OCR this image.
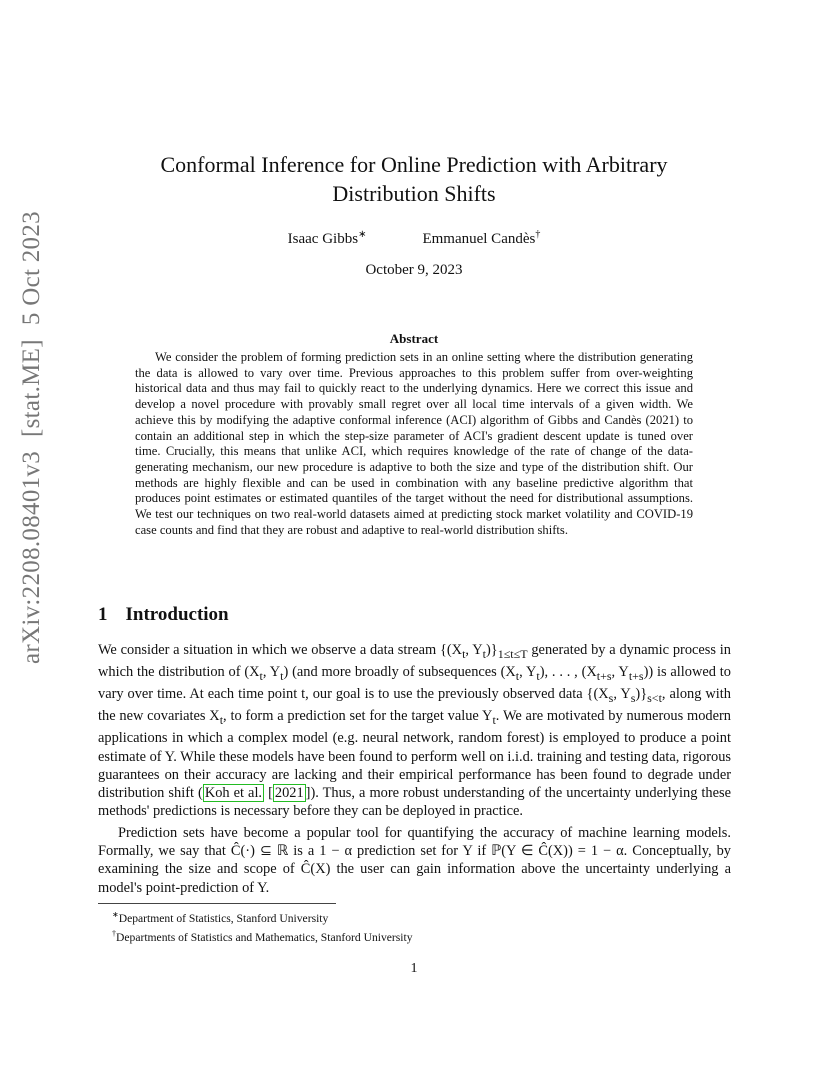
arXiv:2208.08401v3[stat.ME]5 Oct 2023
Conformal Inference for Online Prediction with Arbitrary Distribution Shifts
Isaac Gibbs∗	Emmanuel Candès†
October 9, 2023
Abstract
We consider the problem of forming prediction sets in an online setting where the distribution generating the data is allowed to vary over time. Previous approaches to this problem suffer from over-weighting historical data and thus may fail to quickly react to the underlying dynamics. Here we correct this issue and develop a novel procedure with provably small regret over all local time intervals of a given width. We achieve this by modifying the adaptive conformal inference (ACI) algorithm of Gibbs and Candès (2021) to contain an additional step in which the step-size parameter of ACI's gradient descent update is tuned over time. Crucially, this means that unlike ACI, which requires knowledge of the rate of change of the data-generating mechanism, our new procedure is adaptive to both the size and type of the distribution shift. Our methods are highly flexible and can be used in combination with any baseline predictive algorithm that produces point estimates or estimated quantiles of the target without the need for distributional assumptions. We test our techniques on two real-world datasets aimed at predicting stock market volatility and COVID-19 case counts and find that they are robust and adaptive to real-world distribution shifts.
1 Introduction
We consider a situation in which we observe a data stream {($X_t$, $Y_t)\}_{1\le t\le T}$ generated by a dynamic process in which the distribution of ($X_t$, $Y_t$) (and more broadly of subsequences ($X_t$, $Y_t$), . . . , ($X_{t+s}$, $Y_{t+s}$)) is allowed to vary over time. At each time point t, our goal is to use the previously observed data {($X_s$, $Y_s)\}_{s<t}$, along with the new covariates $X_t$, to form a prediction set for the target value $Y_t$. We are motivated by numerous modern applications in which a complex model (e.g. neural network, random forest) is employed to produce a point estimate of Y. While these models have been found to perform well on i.i.d. training and testing data, rigorous guarantees on their accuracy are lacking and their empirical performance has been found to degrade under distribution shift ( Koh et al. [ 2021 ]). Thus, a more robust understanding of the uncertainty underlying these methods' predictions is necessary before they can be deployed in practice.
Prediction sets have become a popular tool for quantifying the accuracy of machine learning models. Formally, we say that Ĉ(·) ⊆ ℝ is a 1 − α prediction set for Y if ℙ(Y ∈ Ĉ(X)) = 1 − α. Conceptually, by examining the size and scope of Ĉ(X) the user can gain information above the uncertainty underlying a model's point-prediction of Y.
∗Department of Statistics, Stanford University
†Departments of Statistics and Mathematics, Stanford University
1
